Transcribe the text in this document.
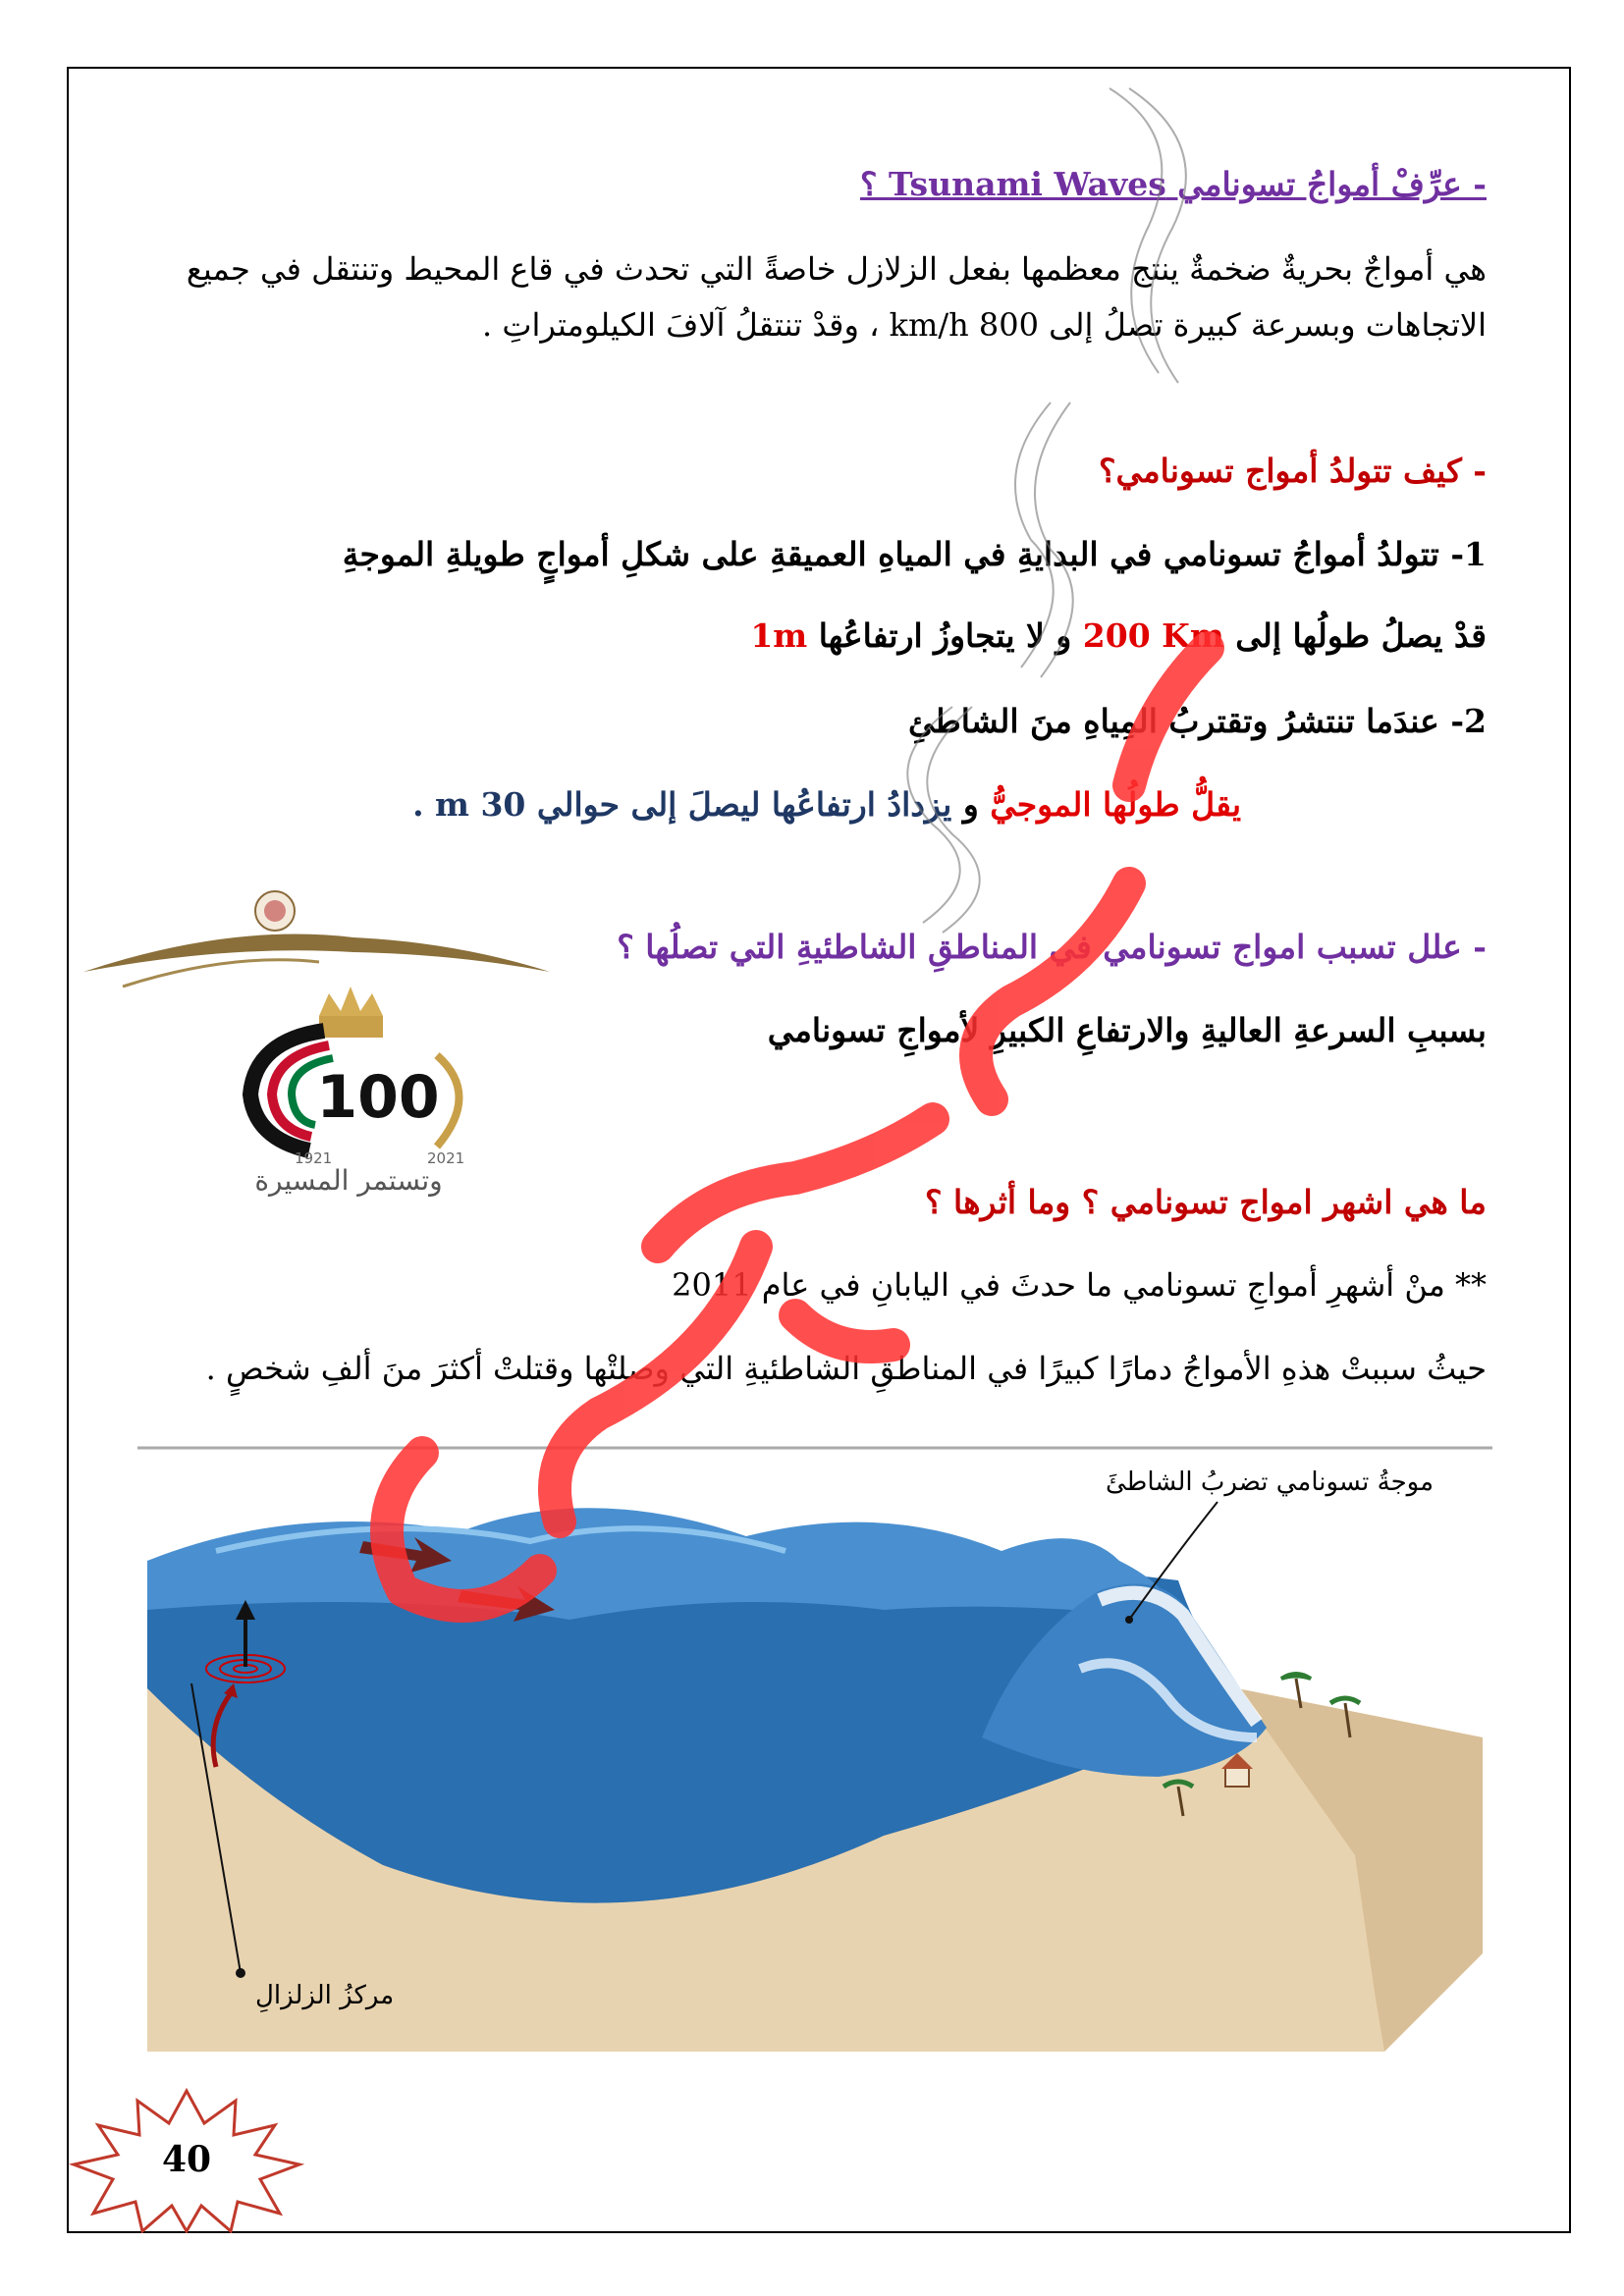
- عرِّفْ أمواجُ تسونامي Tsunami Waves ؟
هي أمواجٌ بحريةٌ ضخمةٌ ينتج معظمها بفعل الزلازل خاصةً التي تحدث في قاع المحيط وتنتقل في جميع
الاتجاهات وبسرعة كبيرة تصلُ إلى 800 km/h ، وقدْ تنتقلُ آلافَ الكيلومتراتِ .
- كيف تتولدُ أمواج تسونامي؟
1- تتولدُ أمواجُ تسونامي في البدايةِ في المياهِ العميقةِ على شكلِ أمواجٍ طويلةِ الموجةِ
قدْ يصلُ طولُها إلى 200 Km و لا يتجاوزُ ارتفاعُها 1m
2- عندَما تنتشرُ وتقتربُ المِياهِ منَ الشاطئِ
يقلُّ طولُها الموجيُّ و يزدادُ ارتفاعُها ليصلَ إلى حوالي 30 m .
- علل تسبب امواج تسونامي في المناطقِ الشاطئيةِ التي تصلُها ؟
بسببِ السرعةِ العاليةِ والارتفاعِ الكبيرِ لأمواجِ تسونامي
ما هي اشهر امواج تسونامي ؟ وما أثرها ؟
** منْ أشهرِ أمواجِ تسونامي ما حدثَ في اليابانِ في عام 2011
حيثُ سببتْ هذهِ الأمواجُ دمارًا كبيرًا في المناطقِ الشاطئيةِ التي وصلتْها وقتلتْ أكثرَ منَ ألفِ شخصٍ .
100
1921	2021
وتستمر المسيرة
موجةُ تسونامي تضربُ الشاطئَ
مركزُ الزلزالِ
40
